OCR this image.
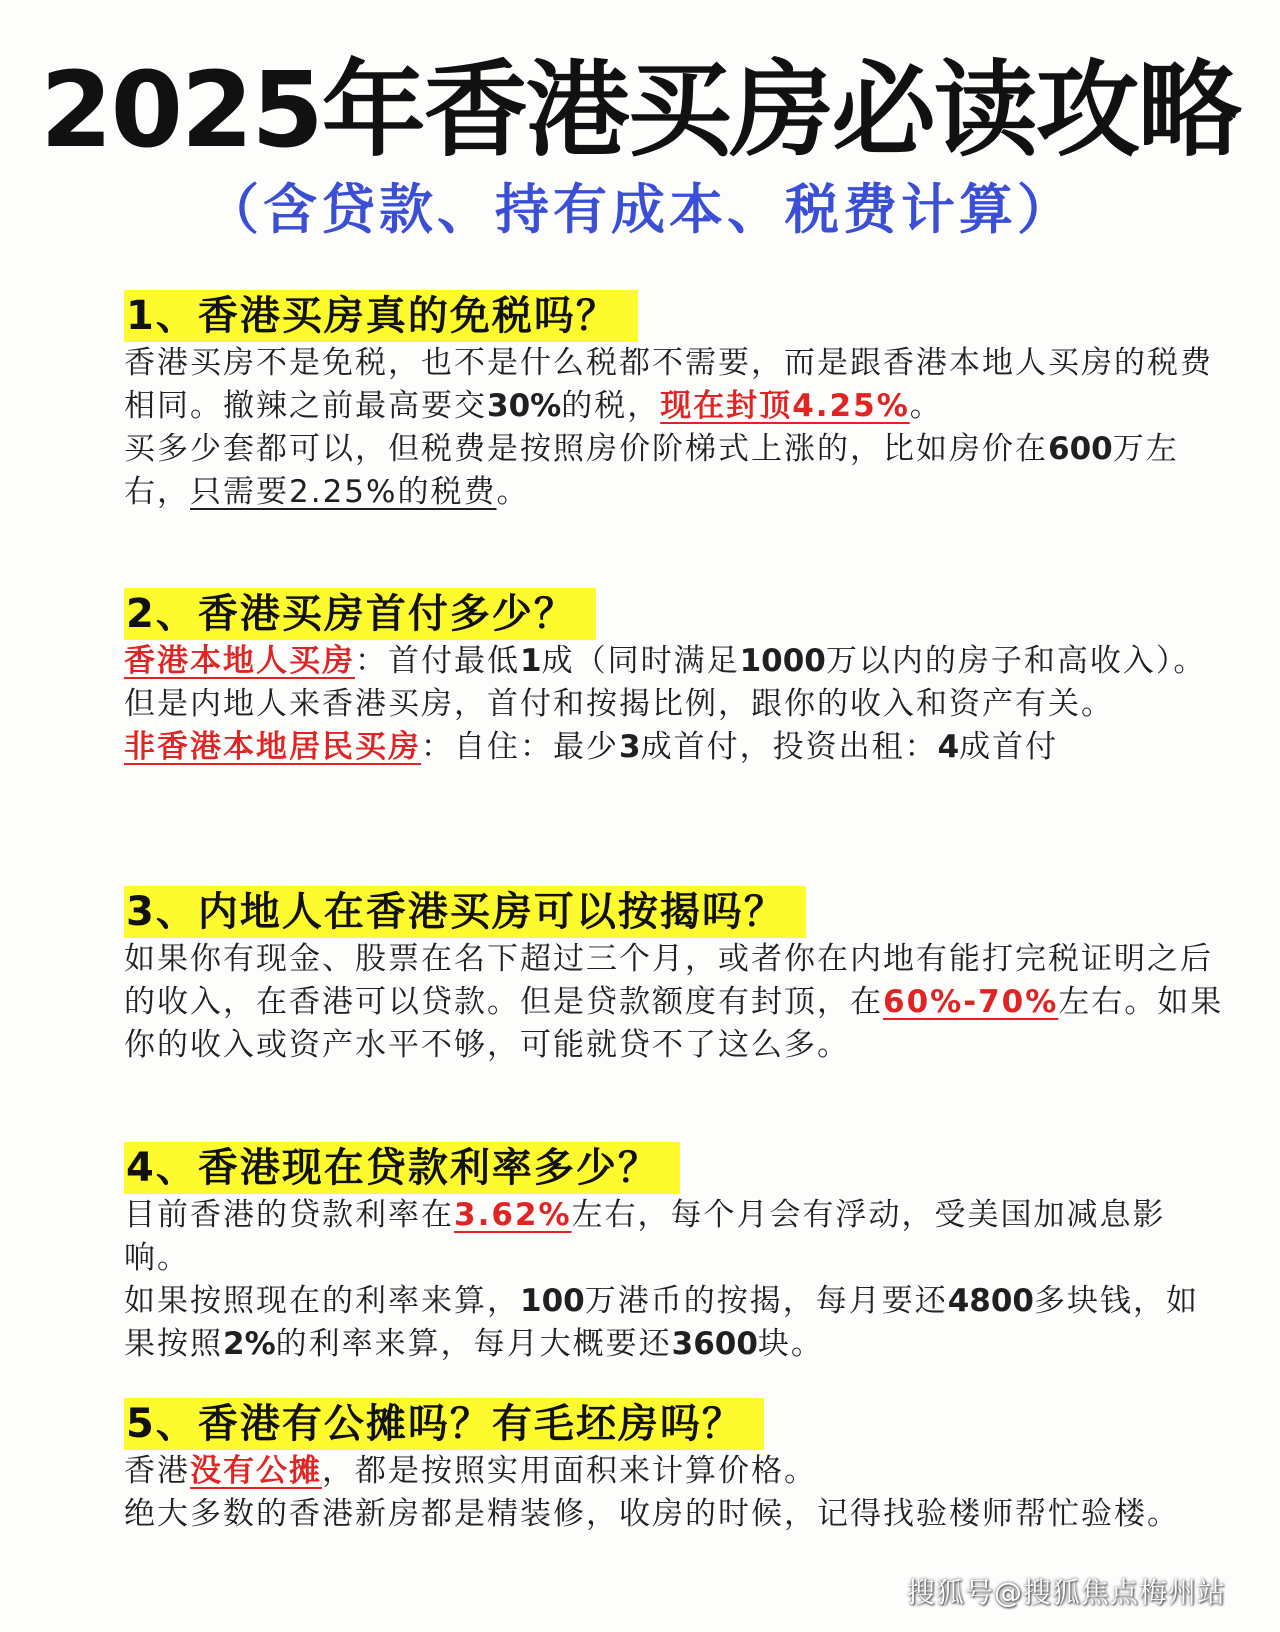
2025年香港买房必读攻略
（含贷款、持有成本、税费计算）
1、香港买房真的免税吗？

香港买房不是免税，也不是什么税都不需要，而是跟香港本地人买房的税费相同。撤辣之前最高要交30%的税，现在封顶4.25%。

买多少套都可以，但税费是按照房价阶梯式上涨的，比如房价在600万左右，只需要2.25%的税费。

2、香港买房首付多少？

香港本地人买房：首付最低1成（同时满足1000万以内的房子和高收入）。但是内地人来香港买房，首付和按揭比例，跟你的收入和资产有关。

非香港本地居民买房：自住：最少3成首付，投资出租：4成首付

3、内地人在香港买房可以按揭吗？

如果你有现金、股票在名下超过三个月，或者你在内地有能打完税证明之后的收入，在香港可以贷款。但是贷款额度有封顶，在60%-70%左右。如果你的收入或资产水平不够，可能就贷不了这么多。

4、香港现在贷款利率多少？

目前香港的贷款利率在3.62%左右，每个月会有浮动，受美国加减息影响。

如果按照现在的利率来算，100万港币的按揭，每月要还4800多块钱，如果按照2%的利率来算，每月大概要还3600块。

5、香港有公摊吗？有毛坯房吗？

香港没有公摊，都是按照实用面积来计算价格。

绝大多数的香港新房都是精装修，收房的时候，记得找验楼师帮忙验楼。

搜狐号@搜狐焦点梅州站
